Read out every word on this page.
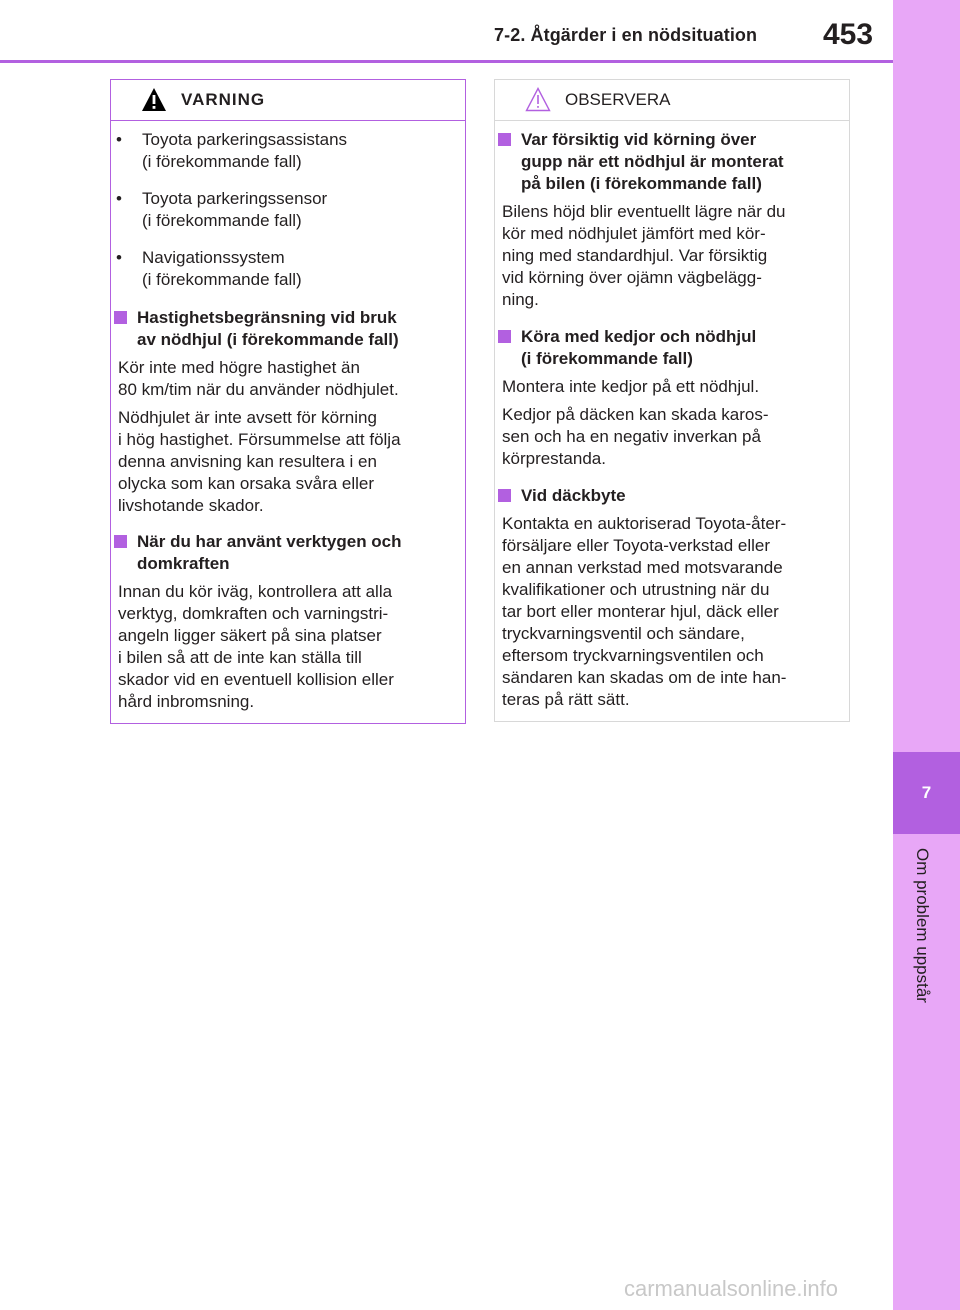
7-2. Åtgärder i en nödsituation 453
7
Om problem uppstår
VARNING
• Toyota parkeringsassistans
(i förekommande fall)
• Toyota parkeringssensor
(i förekommande fall)
• Navigationssystem
(i förekommande fall)
Hastighetsbegränsning vid bruk
av nödhjul (i förekommande fall)
Kör inte med högre hastighet än
80 km/tim när du använder nödhjulet.
Nödhjulet är inte avsett för körning
i hög hastighet. Försummelse att följa
denna anvisning kan resultera i en
olycka som kan orsaka svåra eller
livshotande skador.
När du har använt verktygen och
domkraften
Innan du kör iväg, kontrollera att alla
verktyg, domkraften och varningstri-
angeln ligger säkert på sina platser
i bilen så att de inte kan ställa till
skador vid en eventuell kollision eller
hård inbromsning.
OBSERVERA
Var försiktig vid körning över
gupp när ett nödhjul är monterat
på bilen (i förekommande fall)
Bilens höjd blir eventuellt lägre när du
kör med nödhjulet jämfört med kör-
ning med standardhjul. Var försiktig
vid körning över ojämn vägbelägg-
ning.
Köra med kedjor och nödhjul
(i förekommande fall)
Montera inte kedjor på ett nödhjul.
Kedjor på däcken kan skada karos-
sen och ha en negativ inverkan på
körprestanda.
Vid däckbyte
Kontakta en auktoriserad Toyota-åter-
försäljare eller Toyota-verkstad eller
en annan verkstad med motsvarande
kvalifikationer och utrustning när du
tar bort eller monterar hjul, däck eller
tryckvarningsventil och sändare,
eftersom tryckvarningsventilen och
sändaren kan skadas om de inte han-
teras på rätt sätt.
carmanualsonline.info
